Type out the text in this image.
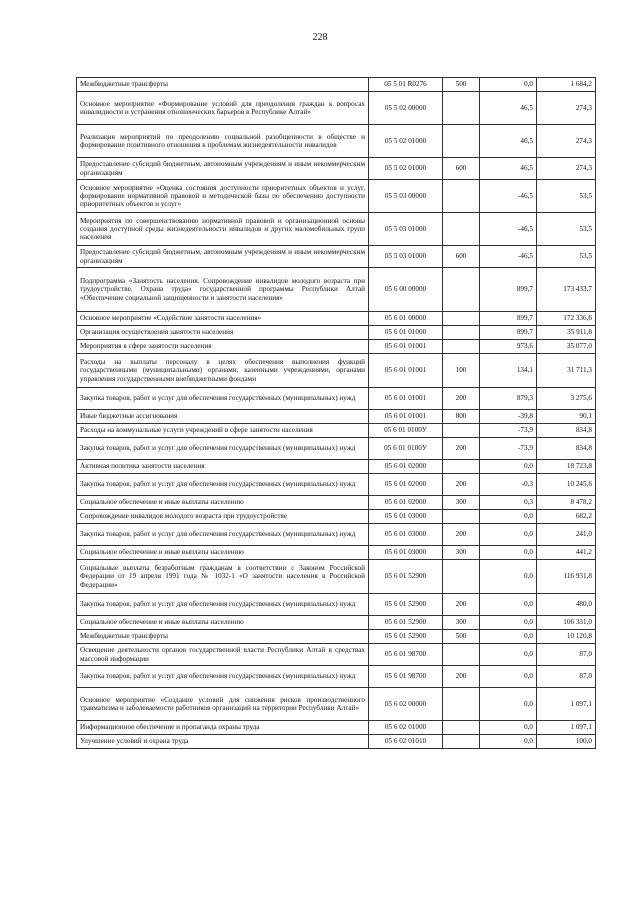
228
Межбюджетные трансферты	05 5 01 R0276	500	0,0	1 684,2
Основное мероприятие «Формирование условий для преодоления граждан к вопросах инвалидности и устранения отношенческих барьеров в Республике Алтай»	05 5 02 00000		46,5	274,3
Реализация мероприятий по преодолению социальной разобщенности в обществе и формирование позитивного отношения к проблемам жизнедеятельности инвалидов	05 5 02 01000		46,5	274,3
Предоставление субсидий бюджетным, автономным учреждениям и иным некоммерческим организациям	05 5 02 01000	600	46,5	274,3
Основное мероприятие «Оценка состояния доступности приоритетных объектов и услуг, формирование нормативной правовой и методической базы по обеспечению доступности приоритетных объектов и услуг»	05 5 03 00000		-46,5	53,5
Мероприятия по совершенствованию нормативной правовой и организационной основы создания доступной среды жизнедеятельности инвалидов и других маломобильных групп населения	05 5 03 01000		-46,5	53,5
Предоставление субсидий бюджетным, автономным учреждениям и иным некоммерческим организациям	05 5 03 01000	600	-46,5	53,5
Подпрограмма «Занятость населения. Сопровождение инвалидов молодого возраста при трудоустройстве. Охрана труда» государственной программы Республики Алтай «Обеспечение социальной защищенности и занятости населения»	05 6 00 00000		899,7	173 433,7
Основное мероприятие «Содействие занятости населения»	05 6 01 00000		899,7	172 336,6
Организация осуществления занятости населения	05 6 01 01000		899,7	35 911,8
Мероприятия в сфере занятости населения	05 6 01 01001		973,6	35 077,0
Расходы на выплаты персоналу в целях обеспечения выполнения функций государственными (муниципальными) органами, казенными учреждениями, органами управления государственными внебюджетными фондами	05 6 01 01001	100	134,1	31 711,3
Закупка товаров, работ и услуг для обеспечения государственных (муниципальных) нужд	05 6 01 01001	200	879,3	3 275,6
Иные бюджетные ассигнования	05 6 01 01001	800	-39,8	90,1
Расходы на коммунальные услуги учреждений в сфере занятости населения	05 6 01 0100У		-73,9	834,8
Закупка товаров, работ и услуг для обеспечения государственных (муниципальных) нужд	05 6 01 0100У	200	-73,9	834,8
Активная политика занятости населения	05 6 01 02000		0,0	18 723,8
Закупка товаров, работ и услуг для обеспечения государственных (муниципальных) нужд	05 6 01 02000	200	-0,3	10 245,6
Социальное обеспечение и иные выплаты населению	05 6 01 02000	300	0,3	8 478,2
Сопровождение инвалидов молодого возраста при трудоустройстве	05 6 01 03000		0,0	682,2
Закупка товаров, работ и услуг для обеспечения государственных (муниципальных) нужд	05 6 01 03000	200	0,0	241,0
Социальное обеспечение и иные выплаты населению	05 6 01 03000	300	0,0	441,2
Социальные выплаты безработным гражданам в соответствии с Законом Российской Федерации от 19 апреля 1991 года № 1032-1 «О занятости населения в Российской Федерации»	05 6 01 52900		0,0	116 931,8
Закупка товаров, работ и услуг для обеспечения государственных (муниципальных) нужд	05 6 01 52900	200	0,0	480,0
Социальное обеспечение и иные выплаты населению	05 6 01 52900	300	0,0	106 331,0
Межбюджетные трансферты	05 6 01 52900	500	0,0	10 120,8
Освещение деятельности органов государственной власти Республики Алтай в средствах массовой информации	05 6 01 98700		0,0	87,0
Закупка товаров, работ и услуг для обеспечения государственных (муниципальных) нужд	05 6 01 98700	200	0,0	87,0
Основное мероприятие «Создание условий для снижения рисков производственного травматизма и заболеваемости работников организаций на территории Республики Алтай»	05 6 02 00000		0,0	1 097,1
Информационное обеспечение и пропаганда охраны труда	05 6 02 01000		0,0	1 097,1
Улучшение условий и охрана труда	05 6 02 01010		0,0	100,0
